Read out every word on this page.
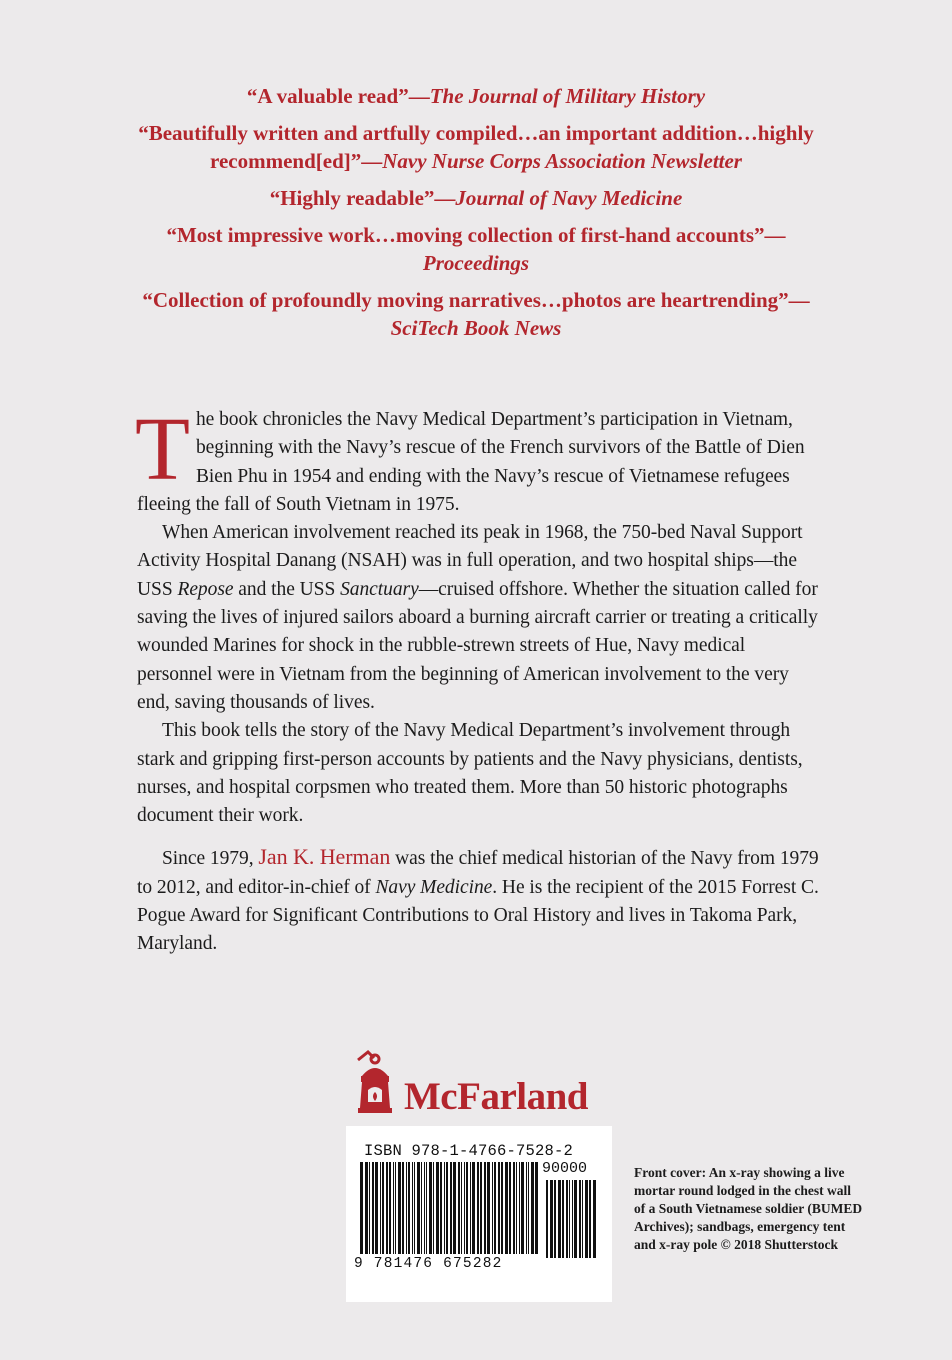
“A valuable read”—The Journal of Military History

“Beautifully written and artfully compiled…an important addition…highly recommend[ed]”—Navy Nurse Corps Association Newsletter

“Highly readable”—Journal of Navy Medicine

“Most impressive work…moving collection of first-hand accounts”—Proceedings

“Collection of profoundly moving narratives…photos are heartrending”—SciTech Book News

The book chronicles the Navy Medical Department’s participation in Vietnam, beginning with the Navy’s rescue of the French survivors of the Battle of Dien Bien Phu in 1954 and ending with the Navy’s rescue of Vietnamese refugees fleeing the fall of South Vietnam in 1975.

When American involvement reached its peak in 1968, the 750-bed Naval Support Activity Hospital Danang (NSAH) was in full operation, and two hospital ships—the USS Repose and the USS Sanctuary—cruised offshore. Whether the situation called for saving the lives of injured sailors aboard a burning aircraft carrier or treating a critically wounded Marines for shock in the rubble-strewn streets of Hue, Navy medical personnel were in Vietnam from the beginning of American involvement to the very end, saving thousands of lives.

This book tells the story of the Navy Medical Department’s involvement through stark and gripping first-person accounts by patients and the Navy physicians, dentists, nurses, and hospital corpsmen who treated them. More than 50 historic photographs document their work.

Since 1979, Jan K. Herman was the chief medical historian of the Navy from 1979 to 2012, and editor-in-chief of Navy Medicine. He is the recipient of the 2015 Forrest C. Pogue Award for Significant Contributions to Oral History and lives in Takoma Park, Maryland.

McFarland
ISBN 978-1-4766-7528-2
90000
9 781476 675282
Front cover: An x-ray showing a live mortar round lodged in the chest wall of a South Vietnamese soldier (BUMED Archives); sandbags, emergency tent and x-ray pole © 2018 Shutterstock
